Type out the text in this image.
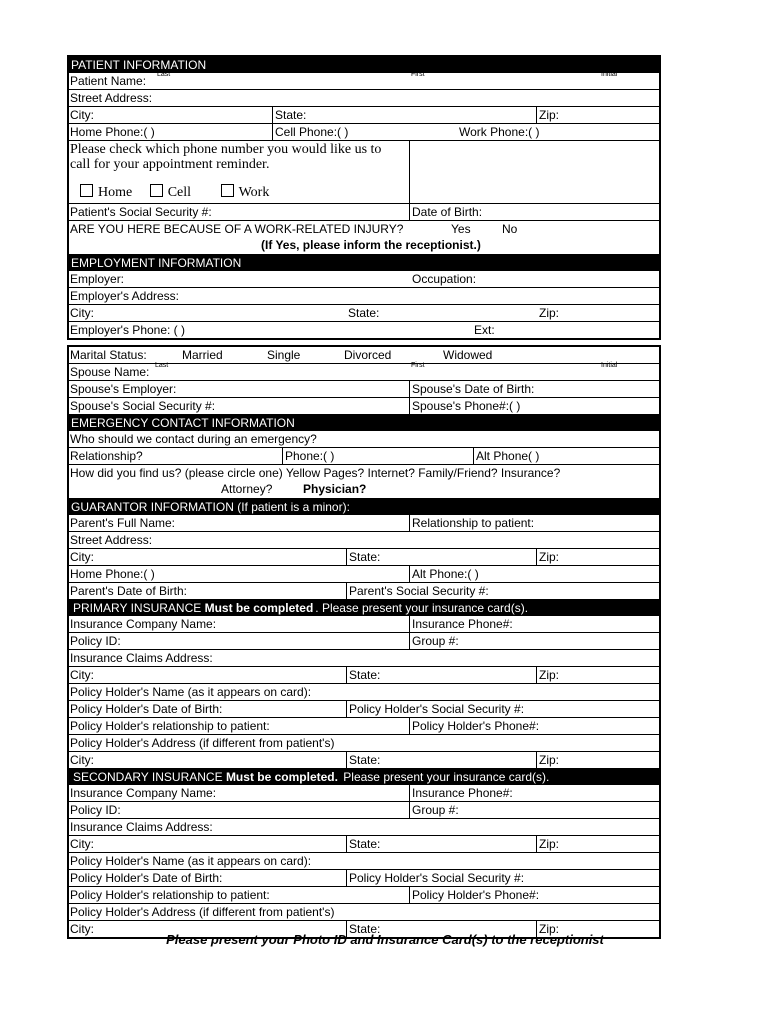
PATIENT INFORMATION
Patient Name: Last	First	Initial
Street Address:
City:	State:	Zip:
Home Phone:( )	Cell Phone:( )	Work Phone:( )
Please check which phone number you would like us to
call for your appointment reminder.
Home	Cell	Work
Patient's Social Security #:	Date of Birth:
ARE YOU HERE BECAUSE OF A WORK-RELATED INJURY?	Yes	No
(If Yes, please inform the receptionist.)
EMPLOYMENT INFORMATION
Employer:	Occupation:
Employer's Address:
City:	State:	Zip:
Employer's Phone: ( )	Ext:
Marital Status:	Married	Single	Divorced	Widowed
Spouse Name: Last	First	Initial
Spouse's Employer:	Spouse's Date of Birth:
Spouse's Social Security #:	Spouse's Phone#:( )
EMERGENCY CONTACT INFORMATION
Who should we contact during an emergency?
Relationship?	Phone:( )	Alt Phone( )
How did you find us? (please circle one) Yellow Pages? Internet? Family/Friend? Insurance?
Attorney?	Physician?
GUARANTOR INFORMATION (If patient is a minor):
Parent's Full Name:	Relationship to patient:
Street Address:
City:	State:	Zip:
Home Phone:( )	Alt Phone:( )
Parent's Date of Birth:	Parent's Social Security #:
PRIMARY INSURANCE Must be completed . Please present your insurance card(s).
Insurance Company Name:	Insurance Phone#:
Policy ID:	Group #:
Insurance Claims Address:
City:	State:	Zip:
Policy Holder's Name (as it appears on card):
Policy Holder's Date of Birth:	Policy Holder's Social Security #:
Policy Holder's relationship to patient:	Policy Holder's Phone#:
Policy Holder's Address (if different from patient's)
City:	State:	Zip:
SECONDARY INSURANCE Must be completed. Please present your insurance card(s).
Insurance Company Name:	Insurance Phone#:
Policy ID:	Group #:
Insurance Claims Address:
City:	State:	Zip:
Policy Holder's Name (as it appears on card):
Policy Holder's Date of Birth:	Policy Holder's Social Security #:
Policy Holder's relationship to patient:	Policy Holder's Phone#:
Policy Holder's Address (if different from patient's)
City:	State:	Zip:
Please present your Photo ID and Insurance Card(s) to the receptionist
